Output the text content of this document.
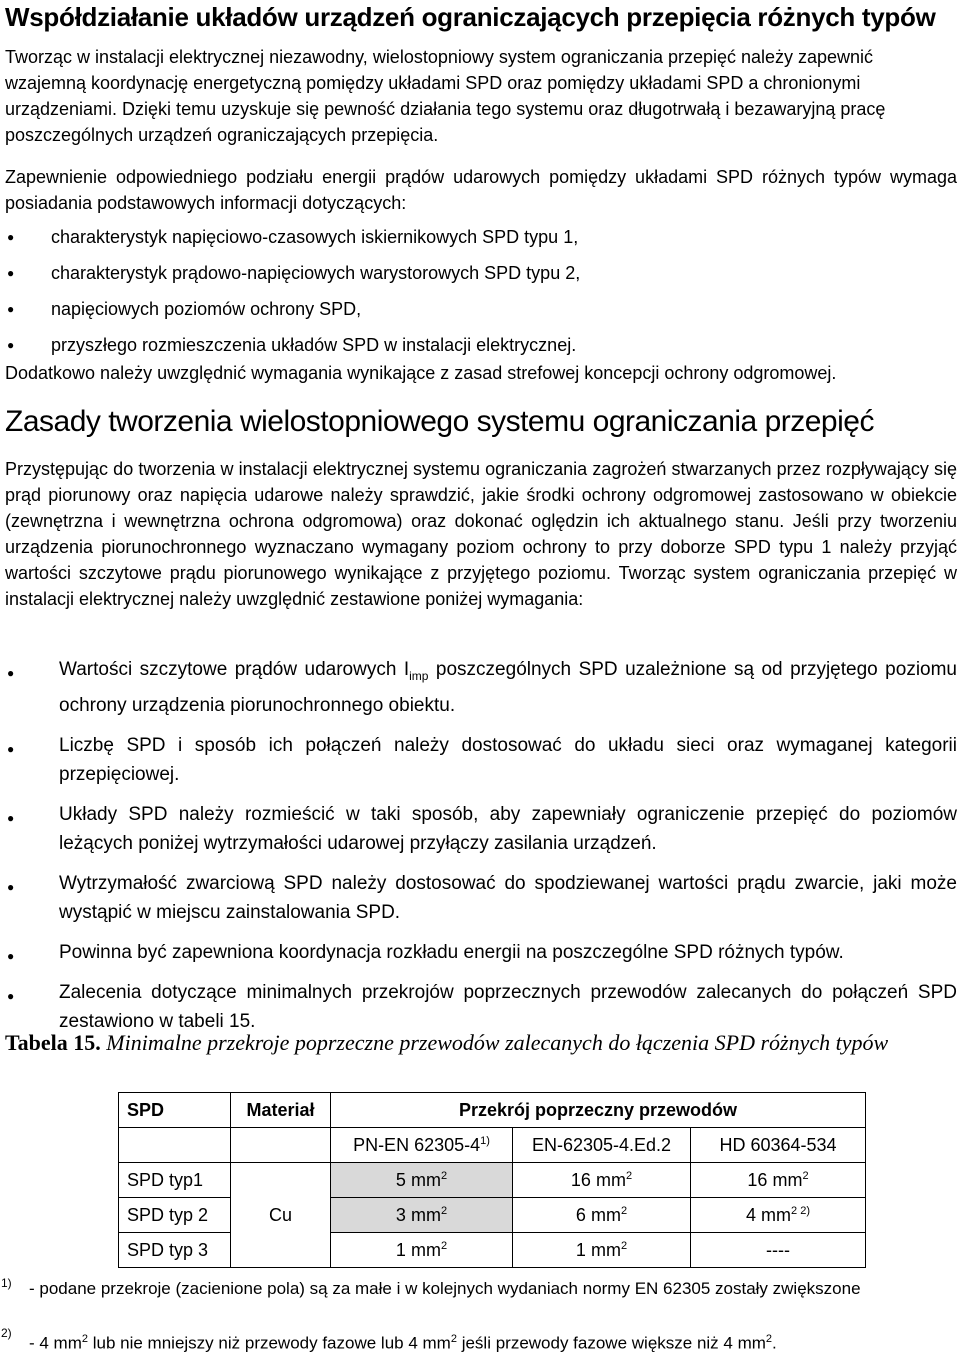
Współdziałanie układów urządzeń ograniczających przepięcia różnych typów
Tworząc w instalacji elektrycznej niezawodny, wielostopniowy system ograniczania przepięć należy zapewnić wzajemną koordynację energetyczną pomiędzy układami SPD oraz pomiędzy układami SPD a chronionymi urządzeniami. Dzięki temu uzyskuje się pewność działania tego systemu oraz długotrwałą i bezawaryjną pracę poszczególnych urządzeń ograniczających przepięcia.
Zapewnienie odpowiedniego podziału energii prądów udarowych pomiędzy układami SPD różnych typów wymaga posiadania podstawowych informacji dotyczących:
● charakterystyk napięciowo-czasowych iskiernikowych SPD typu 1,
● charakterystyk prądowo-napięciowych warystorowych SPD typu 2,
● napięciowych poziomów ochrony SPD,
● przyszłego rozmieszczenia układów SPD w instalacji elektrycznej.
Dodatkowo należy uwzględnić wymagania wynikające z zasad strefowej koncepcji ochrony odgromowej.
Zasady tworzenia wielostopniowego systemu ograniczania przepięć
Przystępując do tworzenia w instalacji elektrycznej systemu ograniczania zagrożeń stwarzanych przez rozpływający się prąd piorunowy oraz napięcia udarowe należy sprawdzić, jakie środki ochrony odgromowej zastosowano w obiekcie (zewnętrzna i wewnętrzna ochrona odgromowa) oraz dokonać oględzin ich aktualnego stanu. Jeśli przy tworzeniu urządzenia piorunochronnego wyznaczano wymagany poziom ochrony to przy doborze SPD typu 1 należy przyjąć wartości szczytowe prądu piorunowego wynikające z przyjętego poziomu. Tworząc system ograniczania przepięć w instalacji elektrycznej należy uwzględnić zestawione poniżej wymagania:
● Wartości szczytowe prądów udarowych $I_{imp}$ poszczególnych SPD uzależnione są od przyjętego poziomu ochrony urządzenia piorunochronnego obiektu.
● Liczbę SPD i sposób ich połączeń należy dostosować do układu sieci oraz wymaganej kategorii przepięciowej.
● Układy SPD należy rozmieścić w taki sposób, aby zapewniały ograniczenie przepięć do poziomów leżących poniżej wytrzymałości udarowej przyłączy zasilania urządzeń.
● Wytrzymałość zwarciową SPD należy dostosować do spodziewanej wartości prądu zwarcie, jaki może wystąpić w miejscu zainstalowania SPD.
● Powinna być zapewniona koordynacja rozkładu energii na poszczególne SPD różnych typów.
● Zalecenia dotyczące minimalnych przekrojów poprzecznych przewodów zalecanych do połączeń SPD zestawiono w tabeli 15.
Tabela 15. Minimalne przekroje poprzeczne przewodów zalecanych do łączenia SPD różnych typów
SPD	Materiał	Przekrój poprzeczny przewodów		
		PN-EN 62305-4$^{1)}$	EN-62305-4.Ed.2	HD 60364-534
SPD typ1	Cu	5 $mm^2$	16 $mm^2$	16 $mm^2$
SPD typ 2		3 $mm^2$	6 $mm^2$	4 $mm^{2 2)}$
SPD typ 3		1 $mm^2$	1 $mm^2$	----
1) - podane przekroje (zacienione pola) są za małe i w kolejnych wydaniach normy EN 62305 zostały zwiększone
2)
- 4 $mm^2$ lub nie mniejszy niż przewody fazowe lub 4 $mm^2$ jeśli przewody fazowe większe niż 4 $mm^2$.
